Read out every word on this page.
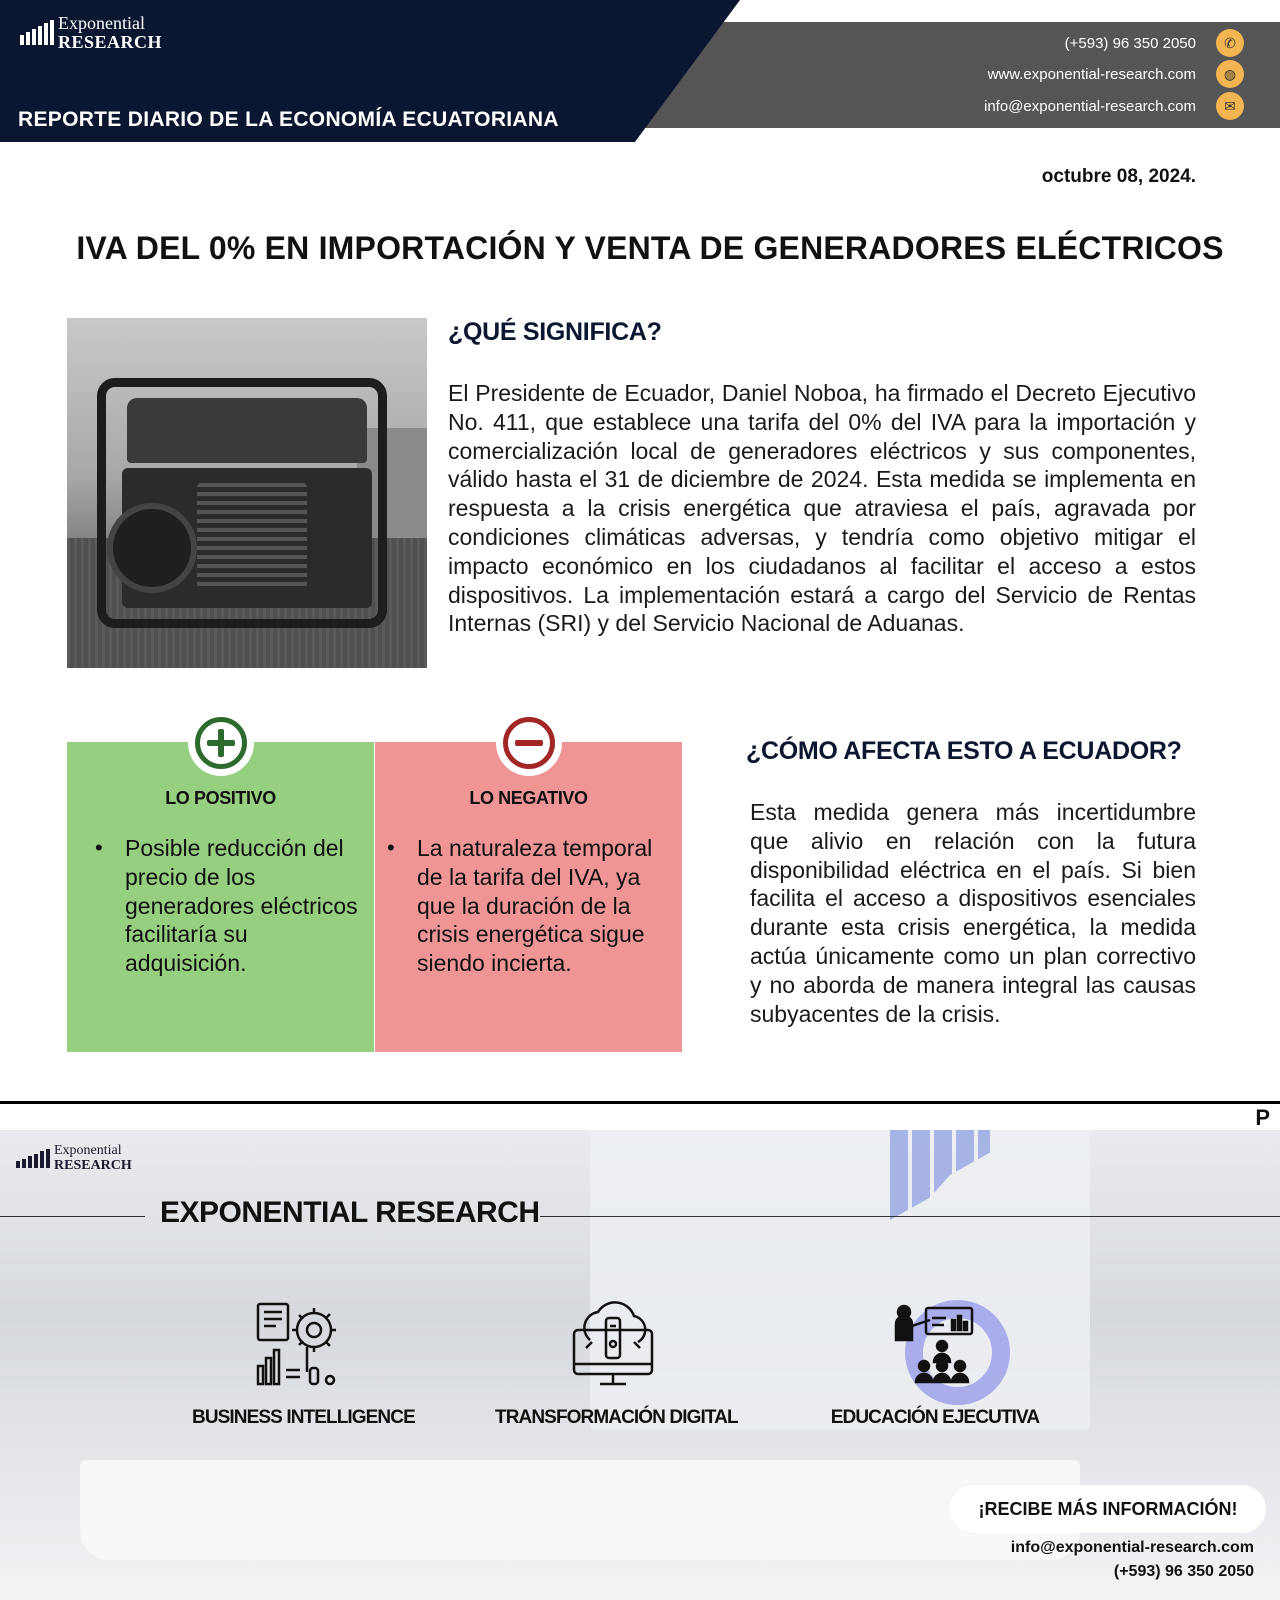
Exponential
RESEARCH
REPORTE DIARIO DE LA ECONOMÍA ECUATORIANA
(+593) 96 350 2050	✆
www.exponential-research.com	◍
info@exponential-research.com	✉
octubre 08, 2024.
IVA DEL 0% EN IMPORTACIÓN Y VENTA DE GENERADORES ELÉCTRICOS
¿QUÉ SIGNIFICA?
El Presidente de Ecuador, Daniel Noboa, ha firmado el Decreto Ejecutivo No. 411, que establece una tarifa del 0% del IVA para la importación y comercialización local de generadores eléctricos y sus componentes, válido hasta el 31 de diciembre de 2024. Esta medida se implementa en respuesta a la crisis energética que atraviesa el país, agravada por condiciones climáticas adversas, y tendría como objetivo mitigar el impacto económico en los ciudadanos al facilitar el acceso a estos dispositivos. La implementación estará a cargo del Servicio de Rentas Internas (SRI) y del Servicio Nacional de Aduanas.
LO POSITIVO
• Posible reducción del precio de los generadores eléctricos facilitaría su adquisición.
LO NEGATIVO
• La naturaleza temporal de la tarifa del IVA, ya que la duración de la crisis energética sigue siendo incierta.
¿CÓMO AFECTA ESTO A ECUADOR?
Esta medida genera más incertidumbre que alivio en relación con la futura disponibilidad eléctrica en el país. Si bien facilita el acceso a dispositivos esenciales durante esta crisis energética, la medida actúa únicamente como un plan correctivo y no aborda de manera integral las causas subyacentes de la crisis.
P
Exponential
RESEARCH
EXPONENTIAL RESEARCH
BUSINESS INTELLIGENCE	TRANSFORMACIÓN DIGITAL	EDUCACIÓN EJECUTIVA
¡RECIBE MÁS INFORMACIÓN!
info@exponential-research.com
(+593) 96 350 2050
